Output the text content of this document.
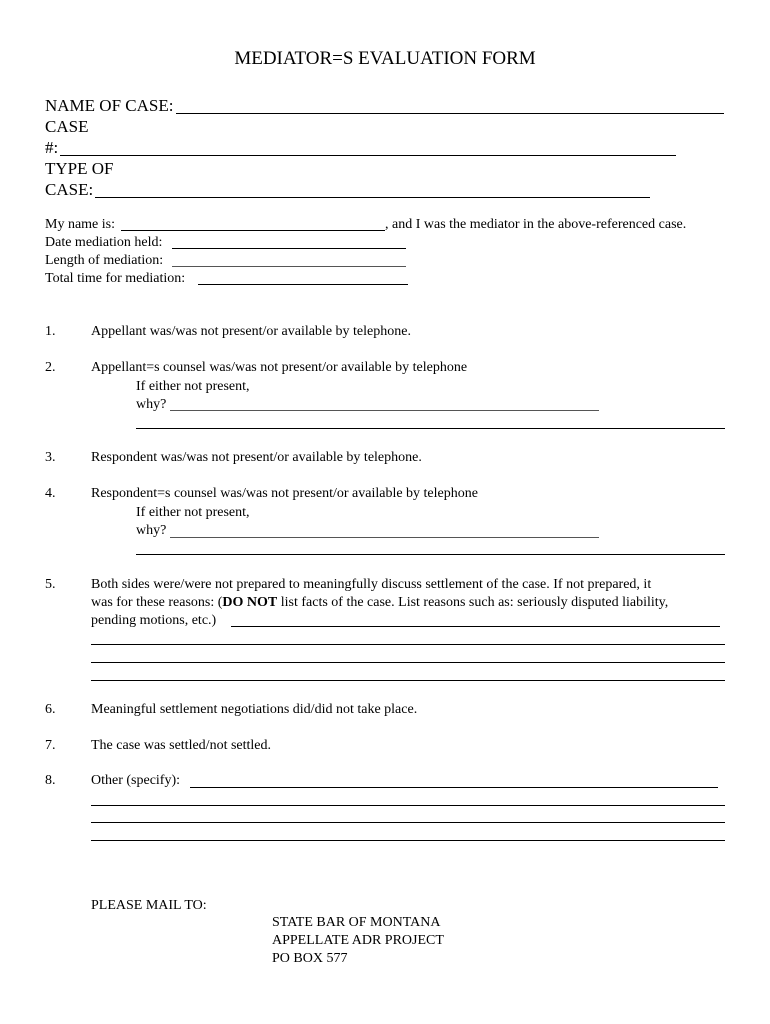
MEDIATOR=S EVALUATION FORM
NAME OF CASE:
CASE
#:
TYPE OF
CASE:
My name is:	, and I was the mediator in the above-referenced case.
Date mediation held:
Length of mediation:
Total time for mediation:
1.	Appellant was/was not present/or available by telephone.
2.	Appellant=s counsel was/was not present/or available by telephone
If either not present,
why?
3.	Respondent was/was not present/or available by telephone.
4.	Respondent=s counsel was/was not present/or available by telephone
If either not present,
why?
5.	Both sides were/were not prepared to meaningfully discuss settlement of the case. If not prepared, it
was for these reasons: (DO NOT list facts of the case. List reasons such as: seriously disputed liability,
pending motions, etc.)
6.	Meaningful settlement negotiations did/did not take place.
7.	The case was settled/not settled.
8.	Other (specify):
PLEASE MAIL TO:
STATE BAR OF MONTANA
APPELLATE ADR PROJECT
PO BOX 577
